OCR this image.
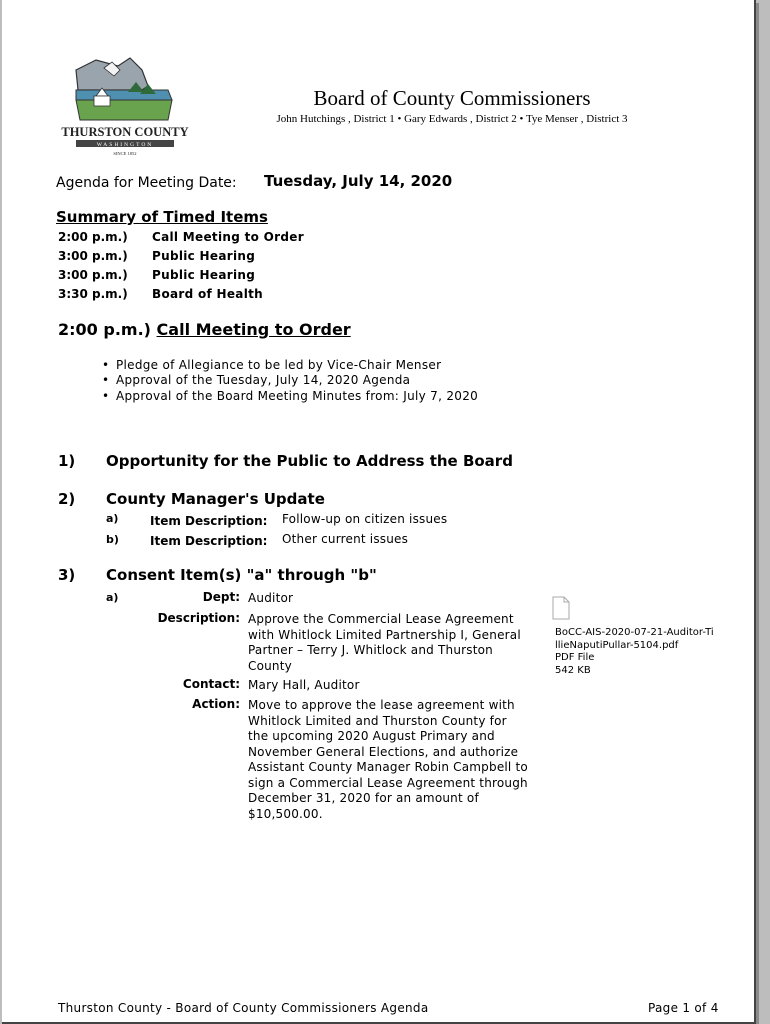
THURSTON COUNTY
WASHINGTON
SINCE 1852
Board of County Commissioners
John Hutchings , District 1 • Gary Edwards , District 2 • Tye Menser , District 3
Agenda for Meeting Date: Tuesday, July 14, 2020
Summary of Timed Items
2:00 p.m.) Call Meeting to Order
3:00 p.m.) Public Hearing
3:00 p.m.) Public Hearing
3:30 p.m.) Board of Health
2:00 p.m.) Call Meeting to Order
• Pledge of Allegiance to be led by Vice-Chair Menser
• Approval of the Tuesday, July 14, 2020 Agenda
• Approval of the Board Meeting Minutes from: July 7, 2020
1) Opportunity for the Public to Address the Board
2) County Manager's Update
a)	Item Description: Follow-up on citizen issues
b)	Item Description: Other current issues
3) Consent Item(s) "a" through "b"
a)	Dept: Auditor
Description: Approve the Commercial Lease Agreement with Whitlock Limited Partnership I, General Partner – Terry J. Whitlock and Thurston County
Contact: Mary Hall, Auditor
Action: Move to approve the lease agreement with Whitlock Limited and Thurston County for the upcoming 2020 August Primary and November General Elections, and authorize Assistant County Manager Robin Campbell to sign a Commercial Lease Agreement through December 31, 2020 for an amount of $10,500.00.
BoCC-AIS-2020-07-21-Auditor-TillieNaputiPullar-5104.pdf
PDF File
542 KB
Thurston County - Board of County Commissioners Agenda	Page 1 of 4
